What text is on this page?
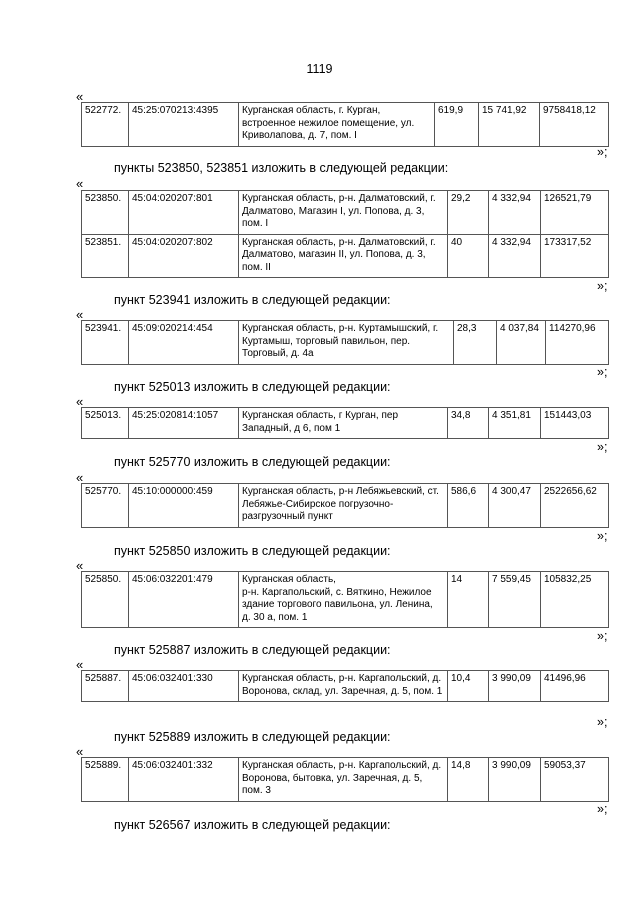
1119
«
522772.	45:25:070213:4395	Курганская область, г. Курган, встроенное нежилое помещение, ул. Криволапова, д. 7, пом. I	619,9	15 741,92	9758418,12
»;
пункты 523850, 523851 изложить в следующей редакции:
«
523850.	45:04:020207:801	Курганская область, р-н. Далматовский, г. Далматово, Магазин I, ул. Попова, д. 3, пом. I	29,2	4 332,94	126521,79
523851.	45:04:020207:802	Курганская область, р-н. Далматовский, г. Далматово, магазин II, ул. Попова, д. 3, пом. II	40	4 332,94	173317,52
»;
пункт 523941 изложить в следующей редакции:
«
523941.	45:09:020214:454	Курганская область, р-н. Куртамышский, г. Куртамыш, торговый павильон, пер. Торговый, д. 4а	28,3	4 037,84	114270,96
»;
пункт 525013 изложить в следующей редакции:
«
525013.	45:25:020814:1057	Курганская область, г Курган, пер Западный, д 6, пом 1	34,8	4 351,81	151443,03
»;
пункт 525770 изложить в следующей редакции:
«
525770.	45:10:000000:459	Курганская область, р-н Лебяжьевский, ст. Лебяжье-Сибирское погрузочно-разгрузочный пункт	586,6	4 300,47	2522656,62
»;
пункт 525850 изложить в следующей редакции:
«
525850.	45:06:032201:479	Курганская область,
р-н. Каргапольский, с. Вяткино, Нежилое здание торгового павильона, ул. Ленина, д. 30 а, пом. 1	14	7 559,45	105832,25
»;
пункт 525887 изложить в следующей редакции:
«
525887.	45:06:032401:330	Курганская область, р-н. Каргапольский, д. Воронова, склад, ул. Заречная, д. 5, пом. 1	10,4	3 990,09	41496,96
»;
пункт 525889 изложить в следующей редакции:
«
525889.	45:06:032401:332	Курганская область, р-н. Каргапольский, д. Воронова, бытовка, ул. Заречная, д. 5, пом. 3	14,8	3 990,09	59053,37
»;
пункт 526567 изложить в следующей редакции:
